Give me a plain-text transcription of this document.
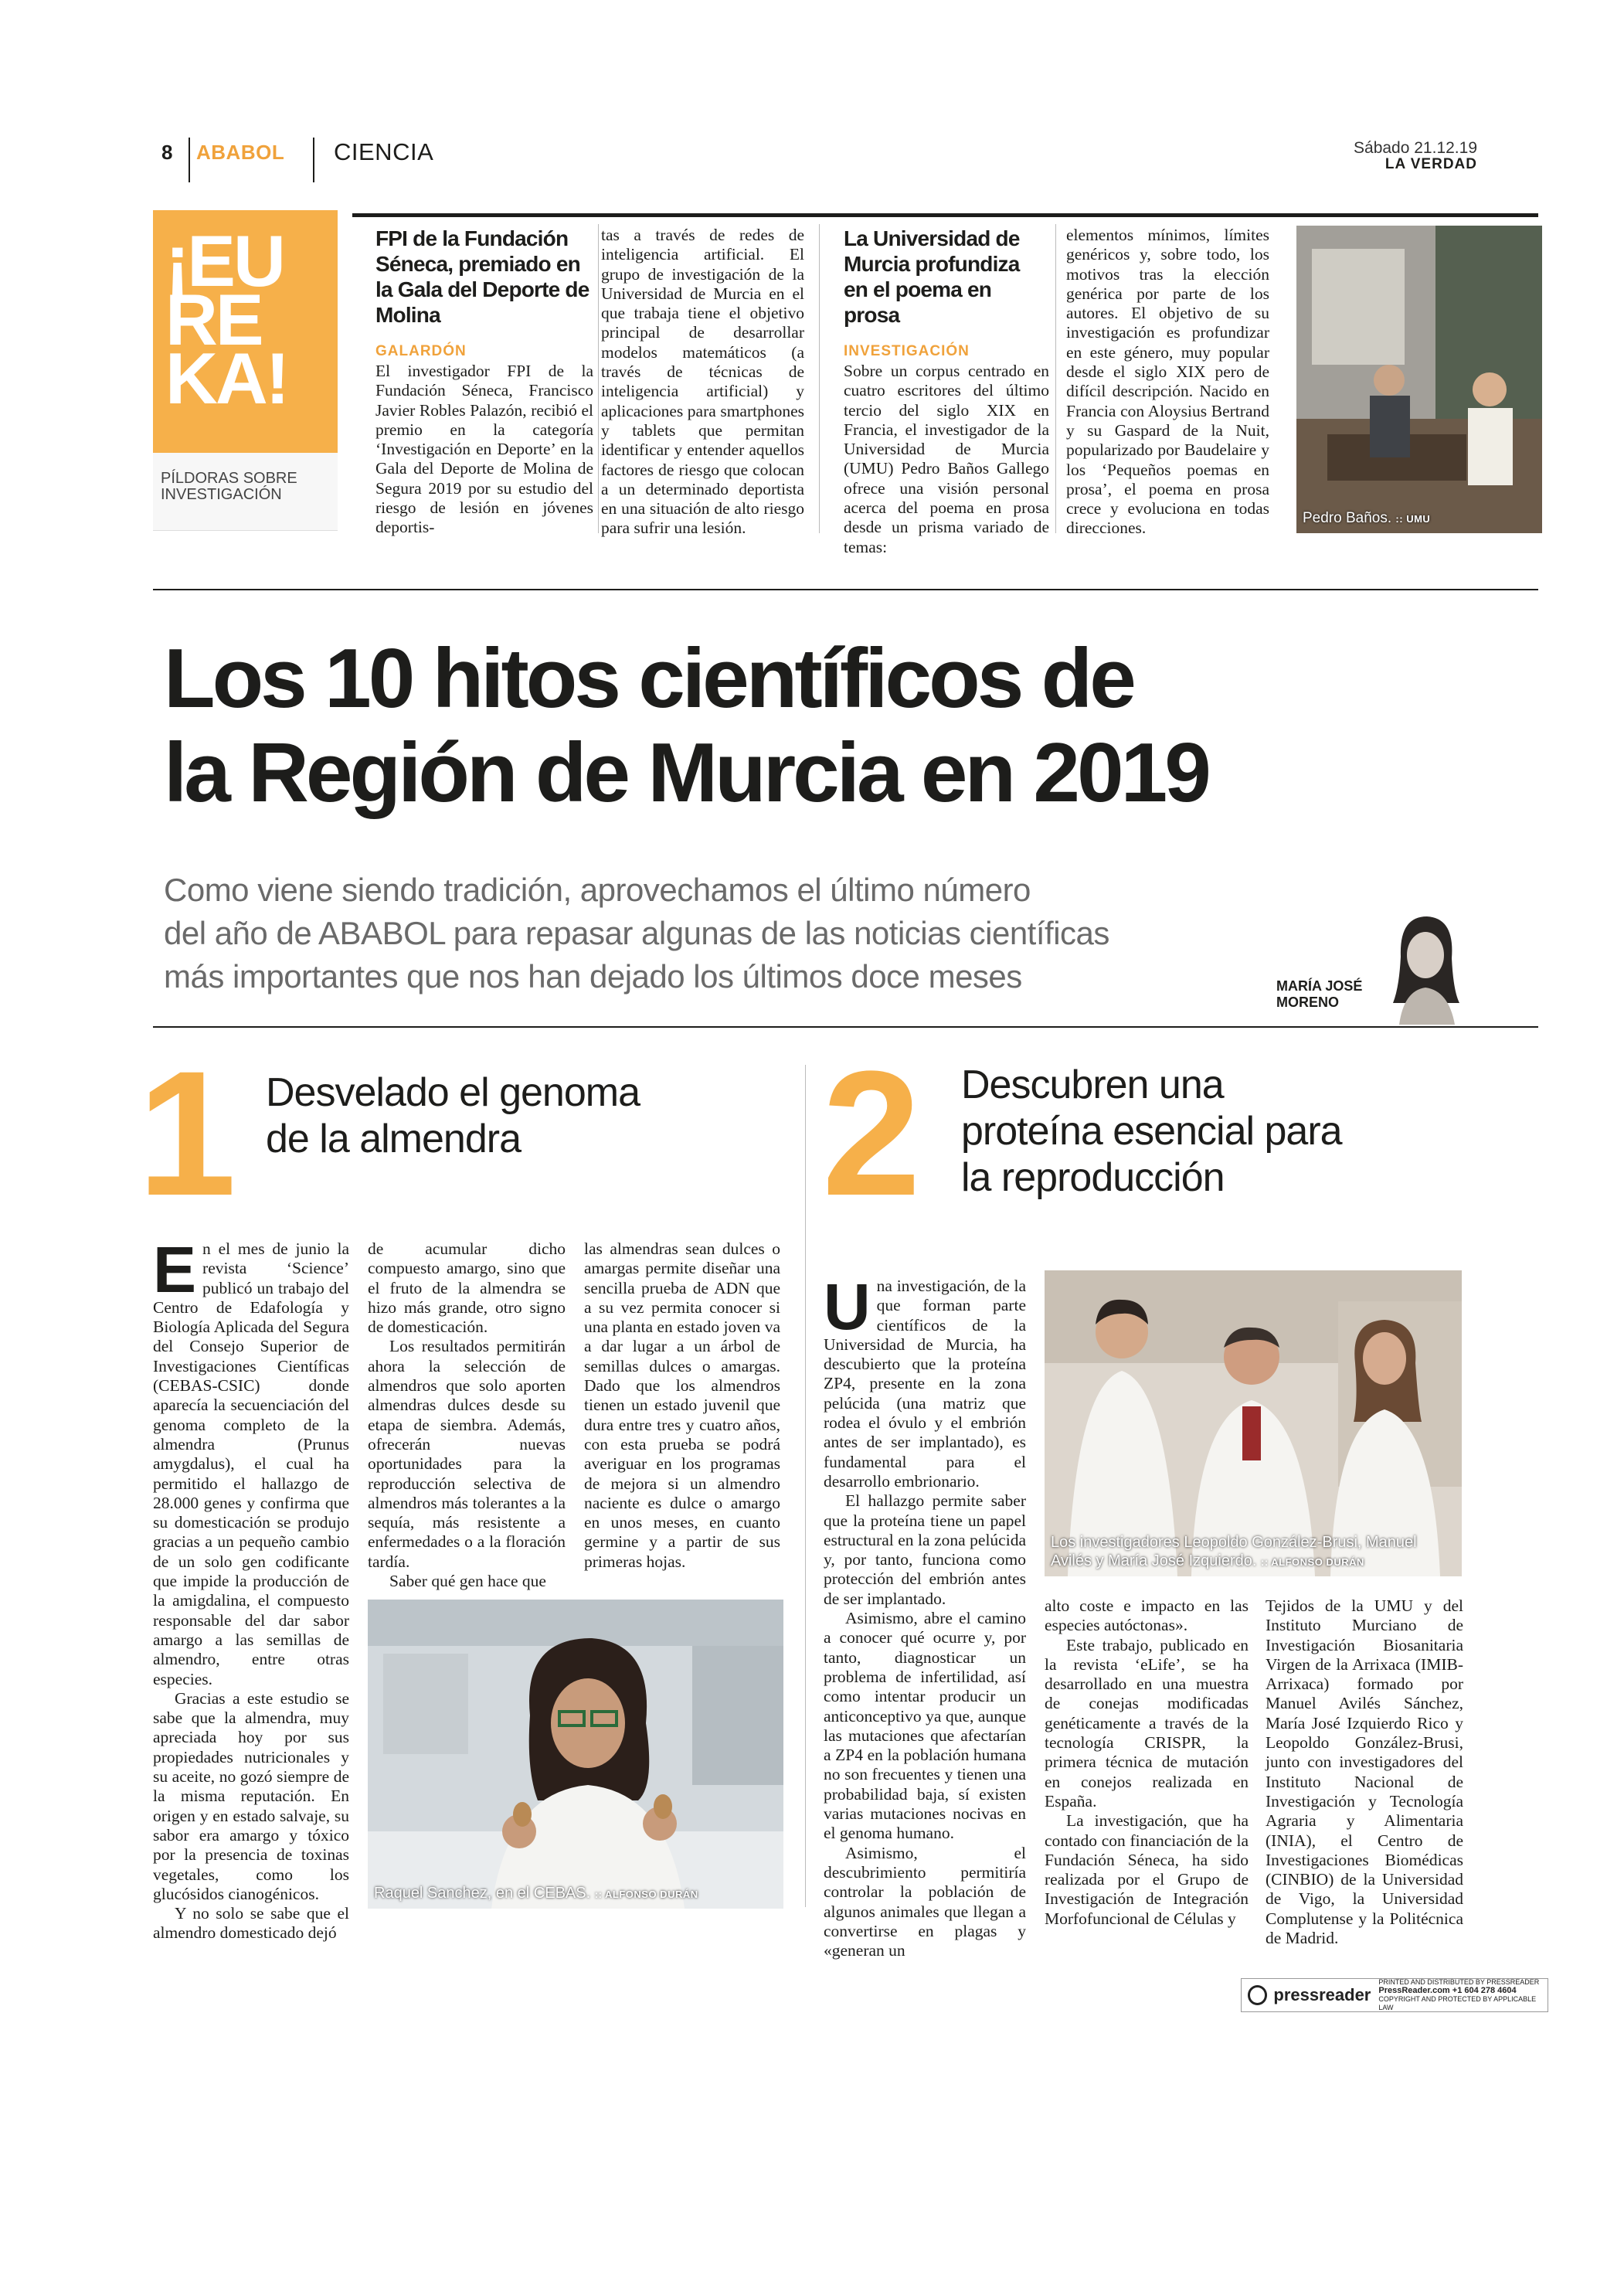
8 ABABOL CIENCIA	Sábado 21.12.19
LA VERDAD
¡EU
RE
KA!
PÍLDORAS SOBRE
INVESTIGACIÓN
FPI de la Fundación Séneca, premiado en la Gala del Deporte de Molina
GALARDÓN
El investigador FPI de la Fundación Séneca, Francisco Javier Robles Palazón, recibió el premio en la categoría ‘Investigación en Deporte’ en la Gala del Deporte de Molina de Segura 2019 por su estudio del riesgo de lesión en jóvenes deportis-
tas a través de redes de inteligencia artificial. El grupo de investigación de la Universidad de Murcia en el que trabaja tiene el objetivo principal de desarrollar modelos matemáticos (a través de técnicas de inteligencia artificial) y aplicaciones para smartphones y tablets que permitan identificar y entender aquellos factores de riesgo que colocan a un determinado deportista en una situación de alto riesgo para sufrir una lesión.
La Universidad de Murcia profundiza en el poema en prosa
INVESTIGACIÓN
Sobre un corpus centrado en cuatro escritores del último tercio del siglo XIX en Francia, el investigador de la Universidad de Murcia (UMU) Pedro Baños Gallego ofrece una visión personal acerca del poema en prosa desde un prisma variado de temas:
elementos mínimos, límites genéricos y, sobre todo, los motivos tras la elección genérica por parte de los autores. El objetivo de su investigación es profundizar en este género, muy popular desde el siglo XIX pero de difícil descripción. Nacido en Francia con Aloysius Bertrand y su Gaspard de la Nuit, popularizado por Baudelaire y los ‘Pequeños poemas en prosa’, el poema en prosa crece y evoluciona en todas direcciones.
Pedro Baños. :: UMU
Los 10 hitos científicos de
la Región de Murcia en 2019
Como viene siendo tradición, aprovechamos el último número
del año de ABABOL para repasar algunas de las noticias científicas
más importantes que nos han dejado los últimos doce meses	MARÍA JOSÉ
MORENO
1 Desvelado el genoma
de la almendra

En el mes de junio la revista ‘Science’ publicó un trabajo del Centro de Edafología y Biología Aplicada del Segura del Consejo Superior de Investigaciones Científicas (CEBAS-CSIC) donde aparecía la secuenciación del genoma completo de la almendra (Prunus amygdalus), el cual ha permitido el hallazgo de 28.000 genes y confirma que su domesticación se produjo gracias a un pequeño cambio de un solo gen codificante que impide la producción de la amigdalina, el compuesto responsable del dar sabor amargo a las semillas de almendro, entre otras especies.

Gracias a este estudio se sabe que la almendra, muy apreciada hoy por sus propiedades nutricionales y su aceite, no gozó siempre de la misma reputación. En origen y en estado salvaje, su sabor era amargo y tóxico por la presencia de toxinas vegetales, como los glucósidos cianogénicos.

Y no solo se sabe que el almendro domesticado dejó

de acumular dicho compuesto amargo, sino que el fruto de la almendra se hizo más grande, otro signo de domesticación.

Los resultados permitirán ahora la selección de almendros que solo aporten almendras dulces desde su etapa de siembra. Además, ofrecerán nuevas oportunidades para la reproducción selectiva de almendros más tolerantes a la sequía, más resistente a enfermedades o a la floración tardía.

Saber qué gen hace que

las almendras sean dulces o amargas permite diseñar una sencilla prueba de ADN que a su vez permita conocer si una planta en estado joven va a dar lugar a un árbol de semillas dulces o amargas. Dado que los almendros tienen un estado juvenil que dura entre tres y cuatro años, con esta prueba se podrá averiguar en los programas de mejora si un almendro naciente es dulce o amargo en unos meses, en cuanto germine y a partir de sus primeras hojas.

Raquel Sanchez, en el CEBAS. :: ALFONSO DURÁN
2 Descubren una
proteína esencial para
la reproducción

Una investigación, de la que forman parte científicos de la Universidad de Murcia, ha descubierto que la proteína ZP4, presente en la zona pelúcida (una matriz que rodea el óvulo y el embrión antes de ser implantado), es fundamental para el desarrollo embrionario.

El hallazgo permite saber que la proteína tiene un papel estructural en la zona pelúcida y, por tanto, funciona como protección del embrión antes de ser implantado.

Asimismo, abre el camino a conocer qué ocurre y, por tanto, diagnosticar un problema de infertilidad, así como intentar producir un anticonceptivo ya que, aunque las mutaciones que afectarían a ZP4 en la población humana no son frecuentes y tienen una probabilidad baja, sí existen varias mutaciones nocivas en el genoma humano.

Asimismo, el descubrimiento permitiría controlar la población de algunos animales que llegan a convertirse en plagas y «generan un

Los investigadores Leopoldo González-Brusi, Manuel
Avilés y María José Izquierdo. :: ALFONSO DURÁN

alto coste e impacto en las especies autóctonas».

Este trabajo, publicado en la revista ‘eLife’, se ha desarrollado en una muestra de conejas modificadas genéticamente a través de la tecnología CRISPR, la primera técnica de mutación en conejos realizada en España.

La investigación, que ha contado con financiación de la Fundación Séneca, ha sido realizada por el Grupo de Investigación de Integración Morfofuncional de Células y

Tejidos de la UMU y del Instituto Murciano de Investigación Biosanitaria Virgen de la Arrixaca (IMIB-Arrixaca) formado por Manuel Avilés Sánchez, María José Izquierdo Rico y Leopoldo González-Brusi, junto con investigadores del Instituto Nacional de Investigación y Tecnología Agraria y Alimentaria (INIA), el Centro de Investigaciones Biomédicas (CINBIO) de la Universidad de Vigo, la Universidad Complutense y la Politécnica de Madrid.

pressreader
PRINTED AND DISTRIBUTED BY PRESSREADER
PressReader.com +1 604 278 4604
COPYRIGHT AND PROTECTED BY APPLICABLE LAW
